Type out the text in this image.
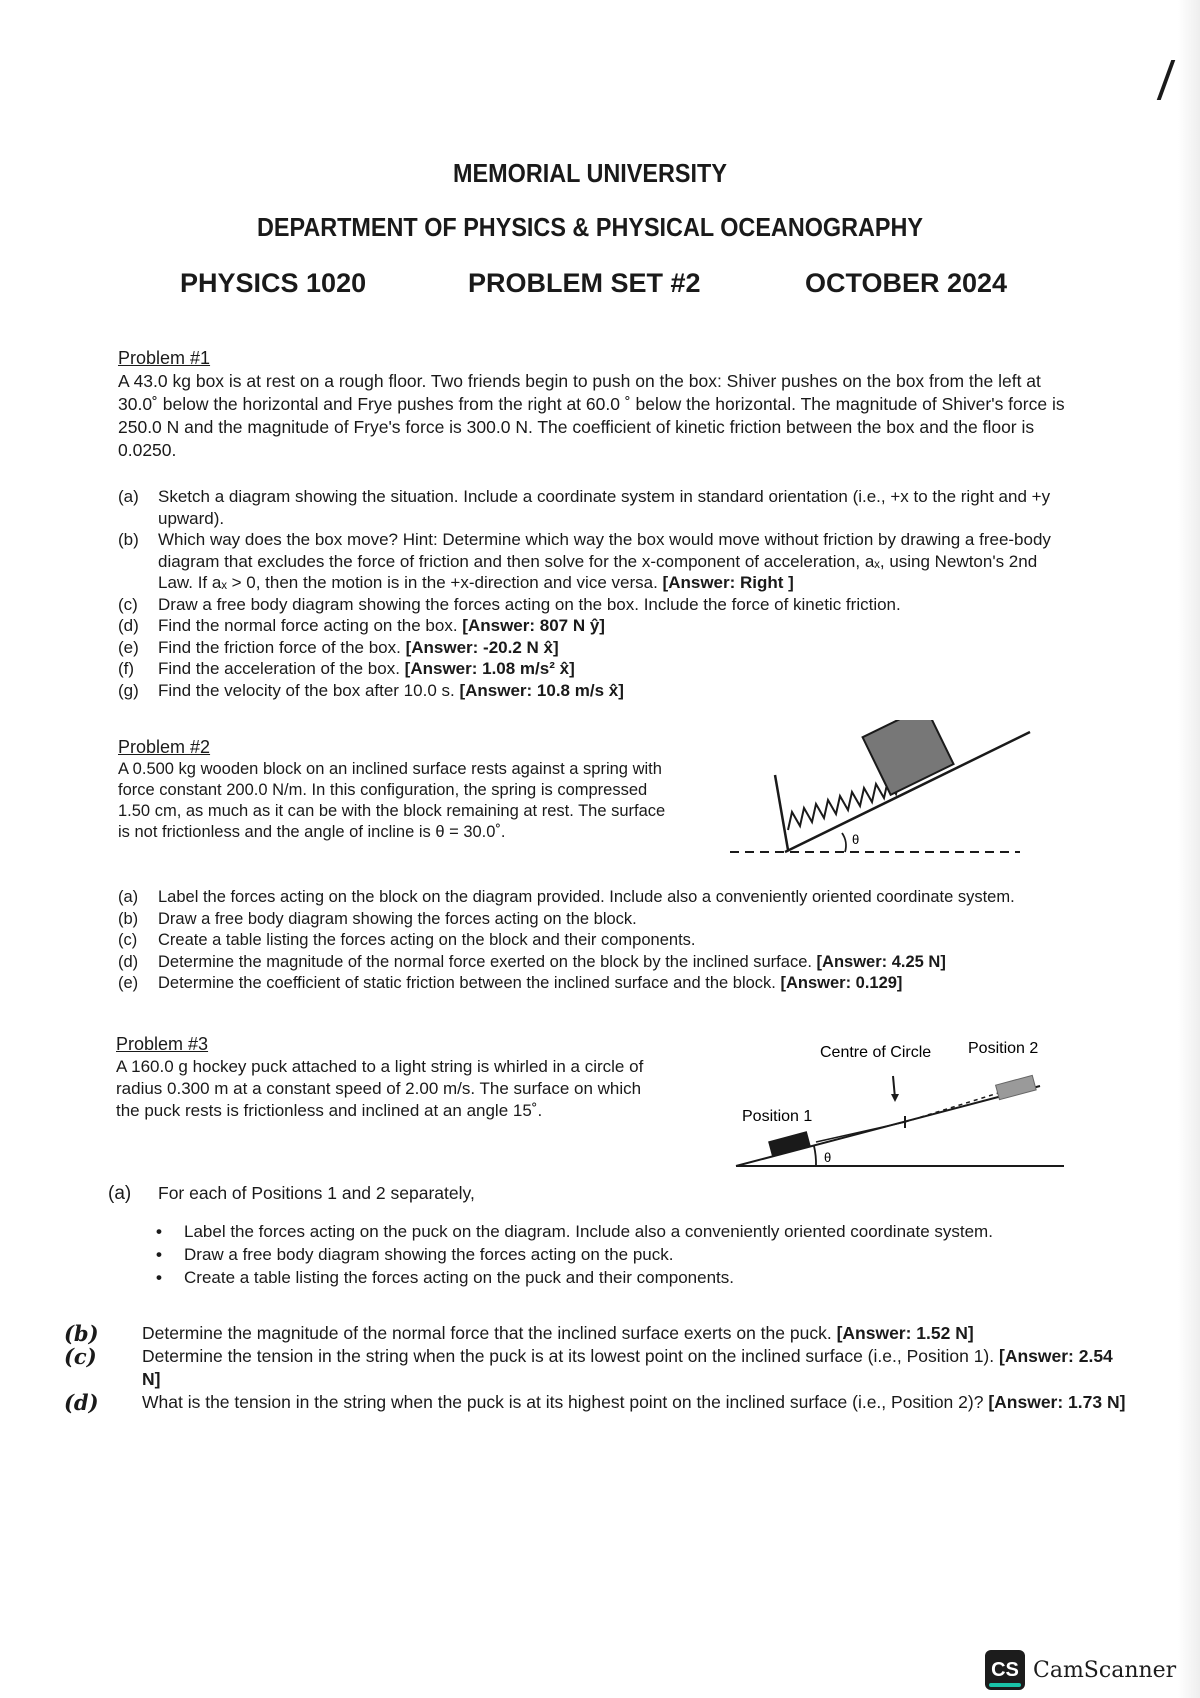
MEMORIAL UNIVERSITY
DEPARTMENT OF PHYSICS & PHYSICAL OCEANOGRAPHY
PHYSICS 1020	PROBLEM SET #2	OCTOBER 2024
Problem #1
A 43.0 kg box is at rest on a rough floor. Two friends begin to push on the box: Shiver pushes on the box from the left at 30.0˚ below the horizontal and Frye pushes from the right at 60.0 ˚ below the horizontal. The magnitude of Shiver's force is 250.0 N and the magnitude of Frye's force is 300.0 N. The coefficient of kinetic friction between the box and the floor is 0.0250.
(a)	Sketch a diagram showing the situation. Include a coordinate system in standard orientation (i.e., +x to the right and +y upward).
(b)	Which way does the box move? Hint: Determine which way the box would move without friction by drawing a free-body diagram that excludes the force of friction and then solve for the x-component of acceleration, aₓ, using Newton's 2nd Law. If aₓ > 0, then the motion is in the +x-direction and vice versa. [Answer: Right ]
(c)	Draw a free body diagram showing the forces acting on the box. Include the force of kinetic friction.
(d)	Find the normal force acting on the box. [Answer: 807 N ŷ]
(e)	Find the friction force of the box. [Answer: -20.2 N x̂]
(f)	Find the acceleration of the box. [Answer: 1.08 m/s² x̂]
(g)	Find the velocity of the box after 10.0 s. [Answer: 10.8 m/s x̂]
Problem #2
A 0.500 kg wooden block on an inclined surface rests against a spring with force constant 200.0 N/m. In this configuration, the spring is compressed 1.50 cm, as much as it can be with the block remaining at rest. The surface is not frictionless and the angle of incline is θ = 30.0˚.	θ
(a)	Label the forces acting on the block on the diagram provided. Include also a conveniently oriented coordinate system.
(b)	Draw a free body diagram showing the forces acting on the block.
(c)	Create a table listing the forces acting on the block and their components.
(d)	Determine the magnitude of the normal force exerted on the block by the inclined surface. [Answer: 4.25 N]
(e)	Determine the coefficient of static friction between the inclined surface and the block. [Answer: 0.129]
Problem #3
A 160.0 g hockey puck attached to a light string is whirled in a circle of radius 0.300 m at a constant speed of 2.00 m/s. The surface on which the puck rests is frictionless and inclined at an angle 15˚.
θ
Centre of Circle Position 2
Position 1
(a)	For each of Positions 1 and 2 separately,
•	Label the forces acting on the puck on the diagram. Include also a conveniently oriented coordinate system.
•	Draw a free body diagram showing the forces acting on the puck.
•	Create a table listing the forces acting on the puck and their components.
(b)	Determine the magnitude of the normal force that the inclined surface exerts on the puck. [Answer: 1.52 N]
(c)	Determine the tension in the string when the puck is at its lowest point on the inclined surface (i.e., Position 1). [Answer: 2.54 N]
(d)	What is the tension in the string when the puck is at its highest point on the inclined surface (i.e., Position 2)? [Answer: 1.73 N]
CS CamScanner
